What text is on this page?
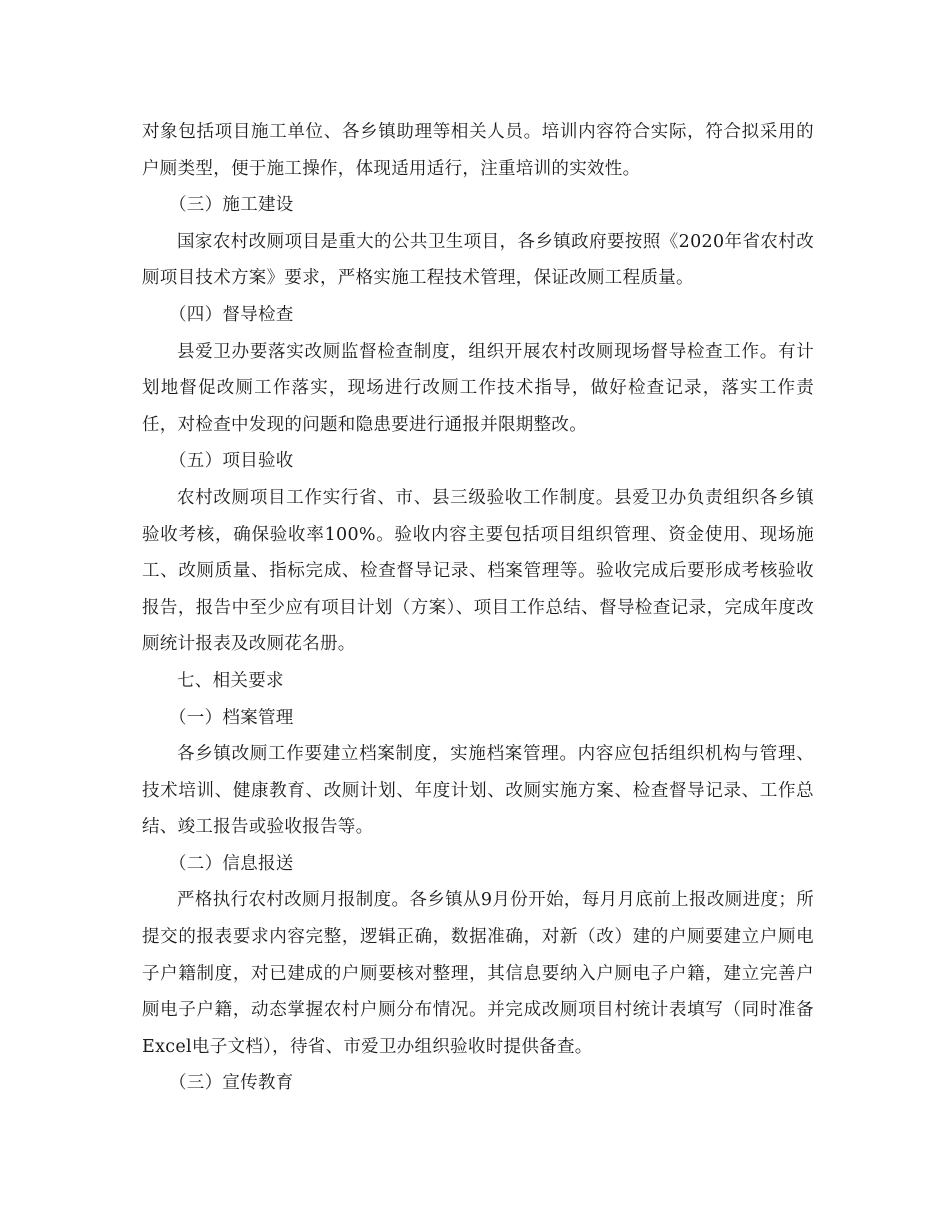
对象包括项目施工单位、各乡镇助理等相关人员。培训内容符合实际，符合拟采用的户厕类型，便于施工操作，体现适用适行，注重培训的实效性。

（三）施工建设

国家农村改厕项目是重大的公共卫生项目，各乡镇政府要按照《2020年省农村改厕项目技术方案》要求，严格实施工程技术管理，保证改厕工程质量。

（四）督导检查

县爱卫办要落实改厕监督检查制度，组织开展农村改厕现场督导检查工作。有计划地督促改厕工作落实，现场进行改厕工作技术指导，做好检查记录，落实工作责任，对检查中发现的问题和隐患要进行通报并限期整改。

（五）项目验收

农村改厕项目工作实行省、市、县三级验收工作制度。县爱卫办负责组织各乡镇验收考核，确保验收率100%。验收内容主要包括项目组织管理、资金使用、现场施工、改厕质量、指标完成、检查督导记录、档案管理等。验收完成后要形成考核验收报告，报告中至少应有项目计划（方案）、项目工作总结、督导检查记录，完成年度改厕统计报表及改厕花名册。

七、相关要求

（一）档案管理

各乡镇改厕工作要建立档案制度，实施档案管理。内容应包括组织机构与管理、技术培训、健康教育、改厕计划、年度计划、改厕实施方案、检查督导记录、工作总结、竣工报告或验收报告等。

（二）信息报送

严格执行农村改厕月报制度。各乡镇从9月份开始，每月月底前上报改厕进度；所提交的报表要求内容完整，逻辑正确，数据准确，对新（改）建的户厕要建立户厕电子户籍制度，对已建成的户厕要核对整理，其信息要纳入户厕电子户籍，建立完善户厕电子户籍，动态掌握农村户厕分布情况。并完成改厕项目村统计表填写（同时准备Excel电子文档），待省、市爱卫办组织验收时提供备查。

（三）宣传教育
